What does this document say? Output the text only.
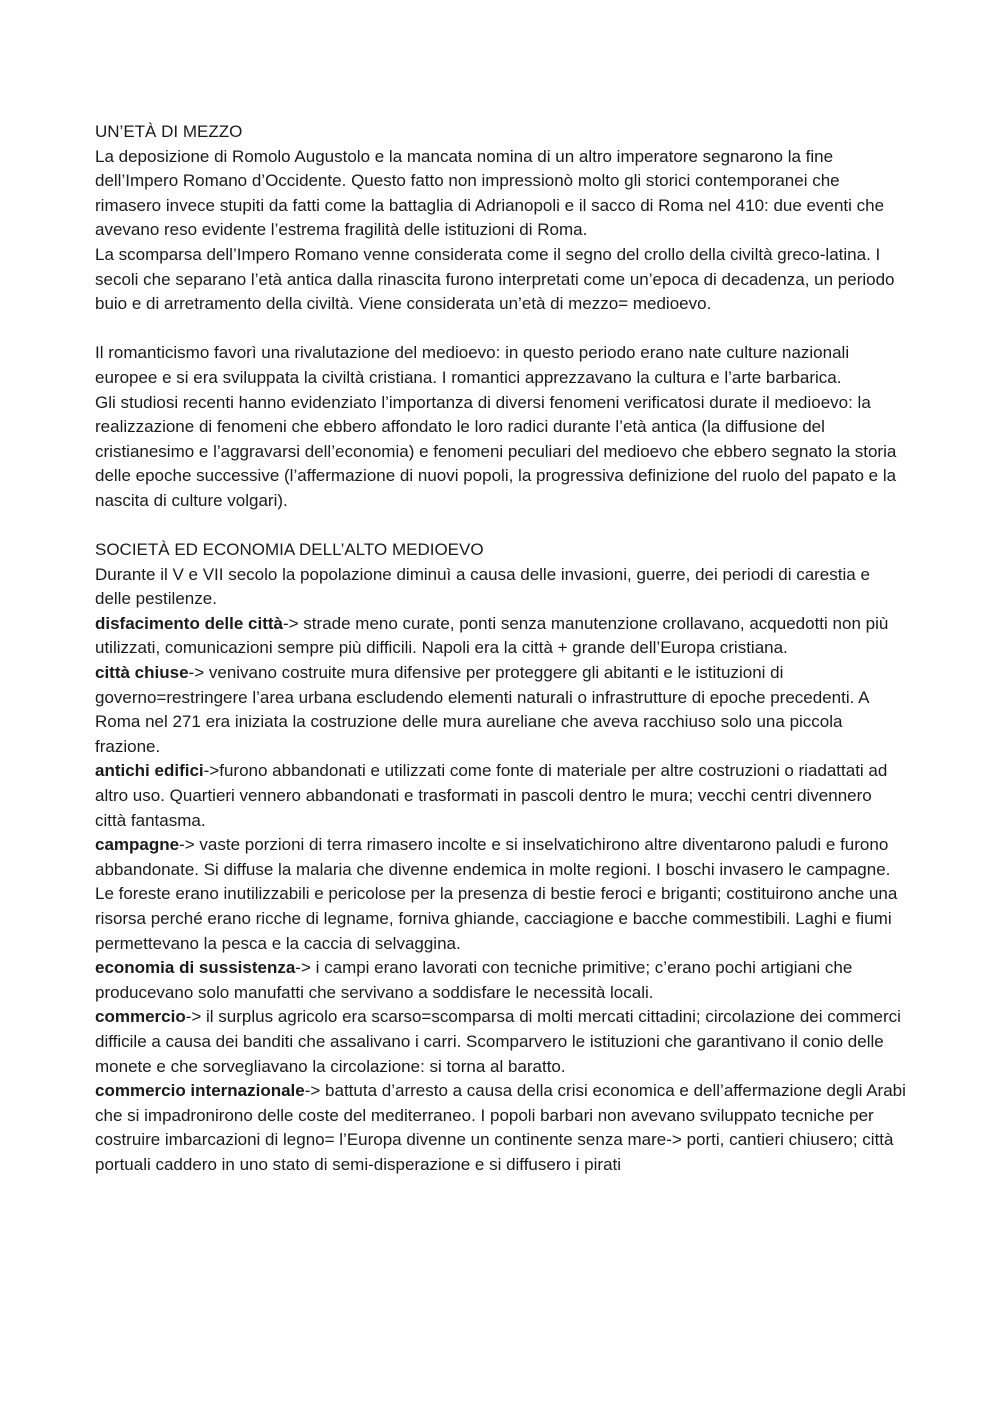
UN’ETÀ DI MEZZO

La deposizione di Romolo Augustolo e la mancata nomina di un altro imperatore segnarono la fine dell’Impero Romano d’Occidente. Questo fatto non impressionò molto gli storici contemporanei che rimasero invece stupiti da fatti come la battaglia di Adrianopoli e il sacco di Roma nel 410: due eventi che avevano reso evidente l’estrema fragilità delle istituzioni di Roma.

La scomparsa dell’Impero Romano venne considerata come il segno del crollo della civiltà greco-latina. I secoli che separano l’età antica dalla rinascita furono interpretati come un’epoca di decadenza, un periodo buio e di arretramento della civiltà. Viene considerata un’età di mezzo= medioevo.

Il romanticismo favorì una rivalutazione del medioevo: in questo periodo erano nate culture nazionali europee e si era sviluppata la civiltà cristiana. I romantici apprezzavano la cultura e l’arte barbarica.

Gli studiosi recenti hanno evidenziato l’importanza di diversi fenomeni verificatosi durate il medioevo: la realizzazione di fenomeni che ebbero affondato le loro radici durante l’età antica (la diffusione del cristianesimo e l’aggravarsi dell’economia) e fenomeni peculiari del medioevo che ebbero segnato la storia delle epoche successive (l’affermazione di nuovi popoli, la progressiva definizione del ruolo del papato e la nascita di culture volgari).

SOCIETÀ ED ECONOMIA DELL’ALTO MEDIOEVO

Durante il V e VII secolo la popolazione diminuì a causa delle invasioni, guerre, dei periodi di carestia e delle pestilenze.

disfacimento delle città-> strade meno curate, ponti senza manutenzione crollavano, acquedotti non più utilizzati, comunicazioni sempre più difficili. Napoli era la città + grande dell’Europa cristiana.

città chiuse-> venivano costruite mura difensive per proteggere gli abitanti e le istituzioni di governo=restringere l’area urbana escludendo elementi naturali o infrastrutture di epoche precedenti. A Roma nel 271 era iniziata la costruzione delle mura aureliane che aveva racchiuso solo una piccola frazione.

antichi edifici->furono abbandonati e utilizzati come fonte di materiale per altre costruzioni o riadattati ad altro uso. Quartieri vennero abbandonati e trasformati in pascoli dentro le mura; vecchi centri divennero città fantasma.

campagne-> vaste porzioni di terra rimasero incolte e si inselvatichirono altre diventarono paludi e furono abbandonate. Si diffuse la malaria che divenne endemica in molte regioni. I boschi invasero le campagne. Le foreste erano inutilizzabili e pericolose per la presenza di bestie feroci e briganti; costituirono anche una risorsa perché erano ricche di legname, forniva ghiande, cacciagione e bacche commestibili. Laghi e fiumi permettevano la pesca e la caccia di selvaggina.

economia di sussistenza-> i campi erano lavorati con tecniche primitive; c’erano pochi artigiani che producevano solo manufatti che servivano a soddisfare le necessità locali.

commercio-> il surplus agricolo era scarso=scomparsa di molti mercati cittadini; circolazione dei commerci difficile a causa dei banditi che assalivano i carri. Scomparvero le istituzioni che garantivano il conio delle monete e che sorvegliavano la circolazione: si torna al baratto.

commercio internazionale-> battuta d’arresto a causa della crisi economica e dell’affermazione degli Arabi che si impadronirono delle coste del mediterraneo. I popoli barbari non avevano sviluppato tecniche per costruire imbarcazioni di legno= l’Europa divenne un continente senza mare-> porti, cantieri chiusero; città portuali caddero in uno stato di semi-disperazione e si diffusero i pirati
